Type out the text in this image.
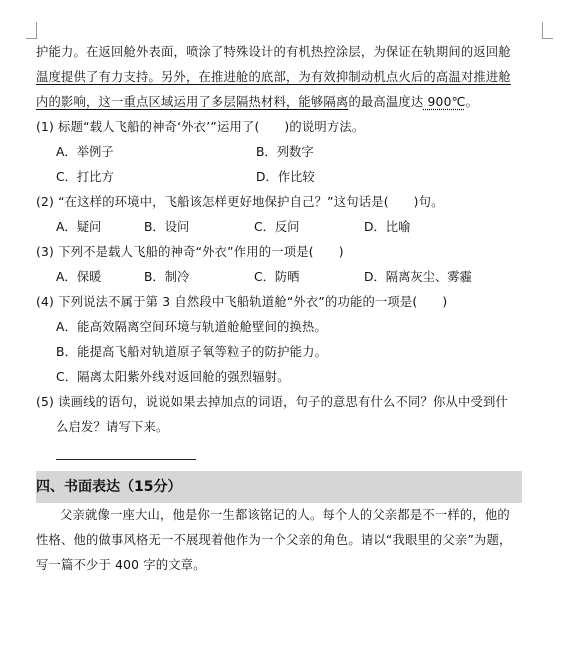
护能力。在返回舱外表面，喷涂了特殊设计的有机热控涂层，为保证在轨期间的返回舱
温度提供了有力支持。另外，在推进舱的底部，为有效抑制动机点火后的高温对推进舱
内的影响，这一重点区域运用了多层隔热材料，能够隔离的最高温度达 900℃。
(1) 标题“载人飞船的神奇‘外衣’”运用了(　　)的说明方法。
A．举例子	B．列数字
C．打比方	D．作比较
(2) “在这样的环境中，飞船该怎样更好地保护自己？”这句话是(　　)句。
A．疑问	B．设问	C．反问	D．比喻
(3) 下列不是载人飞船的神奇“外衣”作用的一项是(　　)
A．保暖	B．制冷	C．防晒	D．隔离灰尘、雾霾
(4) 下列说法不属于第 3 自然段中飞船轨道舱“外衣”的功能的一项是(　　)
A．能高效隔离空间环境与轨道舱舱壁间的换热。
B．能提高飞船对轨道原子氧等粒子的防护能力。
C．隔离太阳紫外线对返回舱的强烈辐射。
(5) 读画线的语句，说说如果去掉加点的词语，句子的意思有什么不同？你从中受到什
么启发？请写下来。
四、书面表达（15分）
父亲就像一座大山，他是你一生都该铭记的人。每个人的父亲都是不一样的，他的
性格、他的做事风格无一不展现着他作为一个父亲的角色。请以“我眼里的父亲”为题，
写一篇不少于 400 字的文章。
